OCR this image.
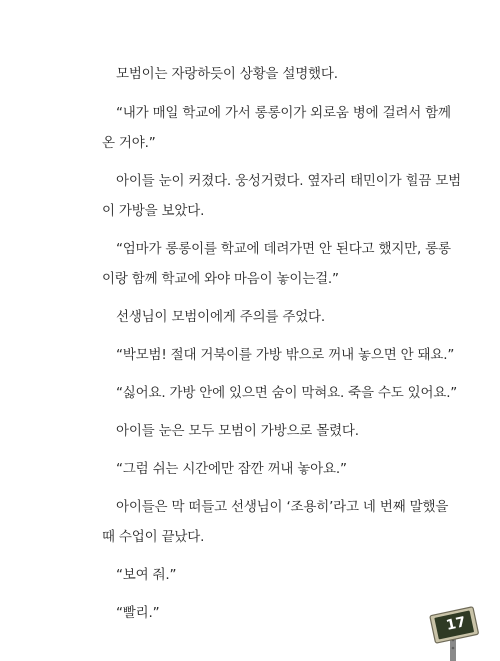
모범이는 자랑하듯이 상황을 설명했다.
“내가 매일 학교에 가서 롱롱이가 외로움 병에 걸려서 함께
온 거야.”
아이들 눈이 커졌다. 웅성거렸다. 옆자리 태민이가 힐끔 모범
이 가방을 보았다.
“엄마가 롱롱이를 학교에 데려가면 안 된다고 했지만, 롱롱
이랑 함께 학교에 와야 마음이 놓이는걸.”
선생님이 모범이에게 주의를 주었다.
“박모범! 절대 거북이를 가방 밖으로 꺼내 놓으면 안 돼요.”
“싫어요. 가방 안에 있으면 숨이 막혀요. 죽을 수도 있어요.”
아이들 눈은 모두 모범이 가방으로 몰렸다.
“그럼 쉬는 시간에만 잠깐 꺼내 놓아요.”
아이들은 막 떠들고 선생님이 ‘조용히’라고 네 번째 말했을
때 수업이 끝났다.
“보여 줘.”
“빨리.”
17
